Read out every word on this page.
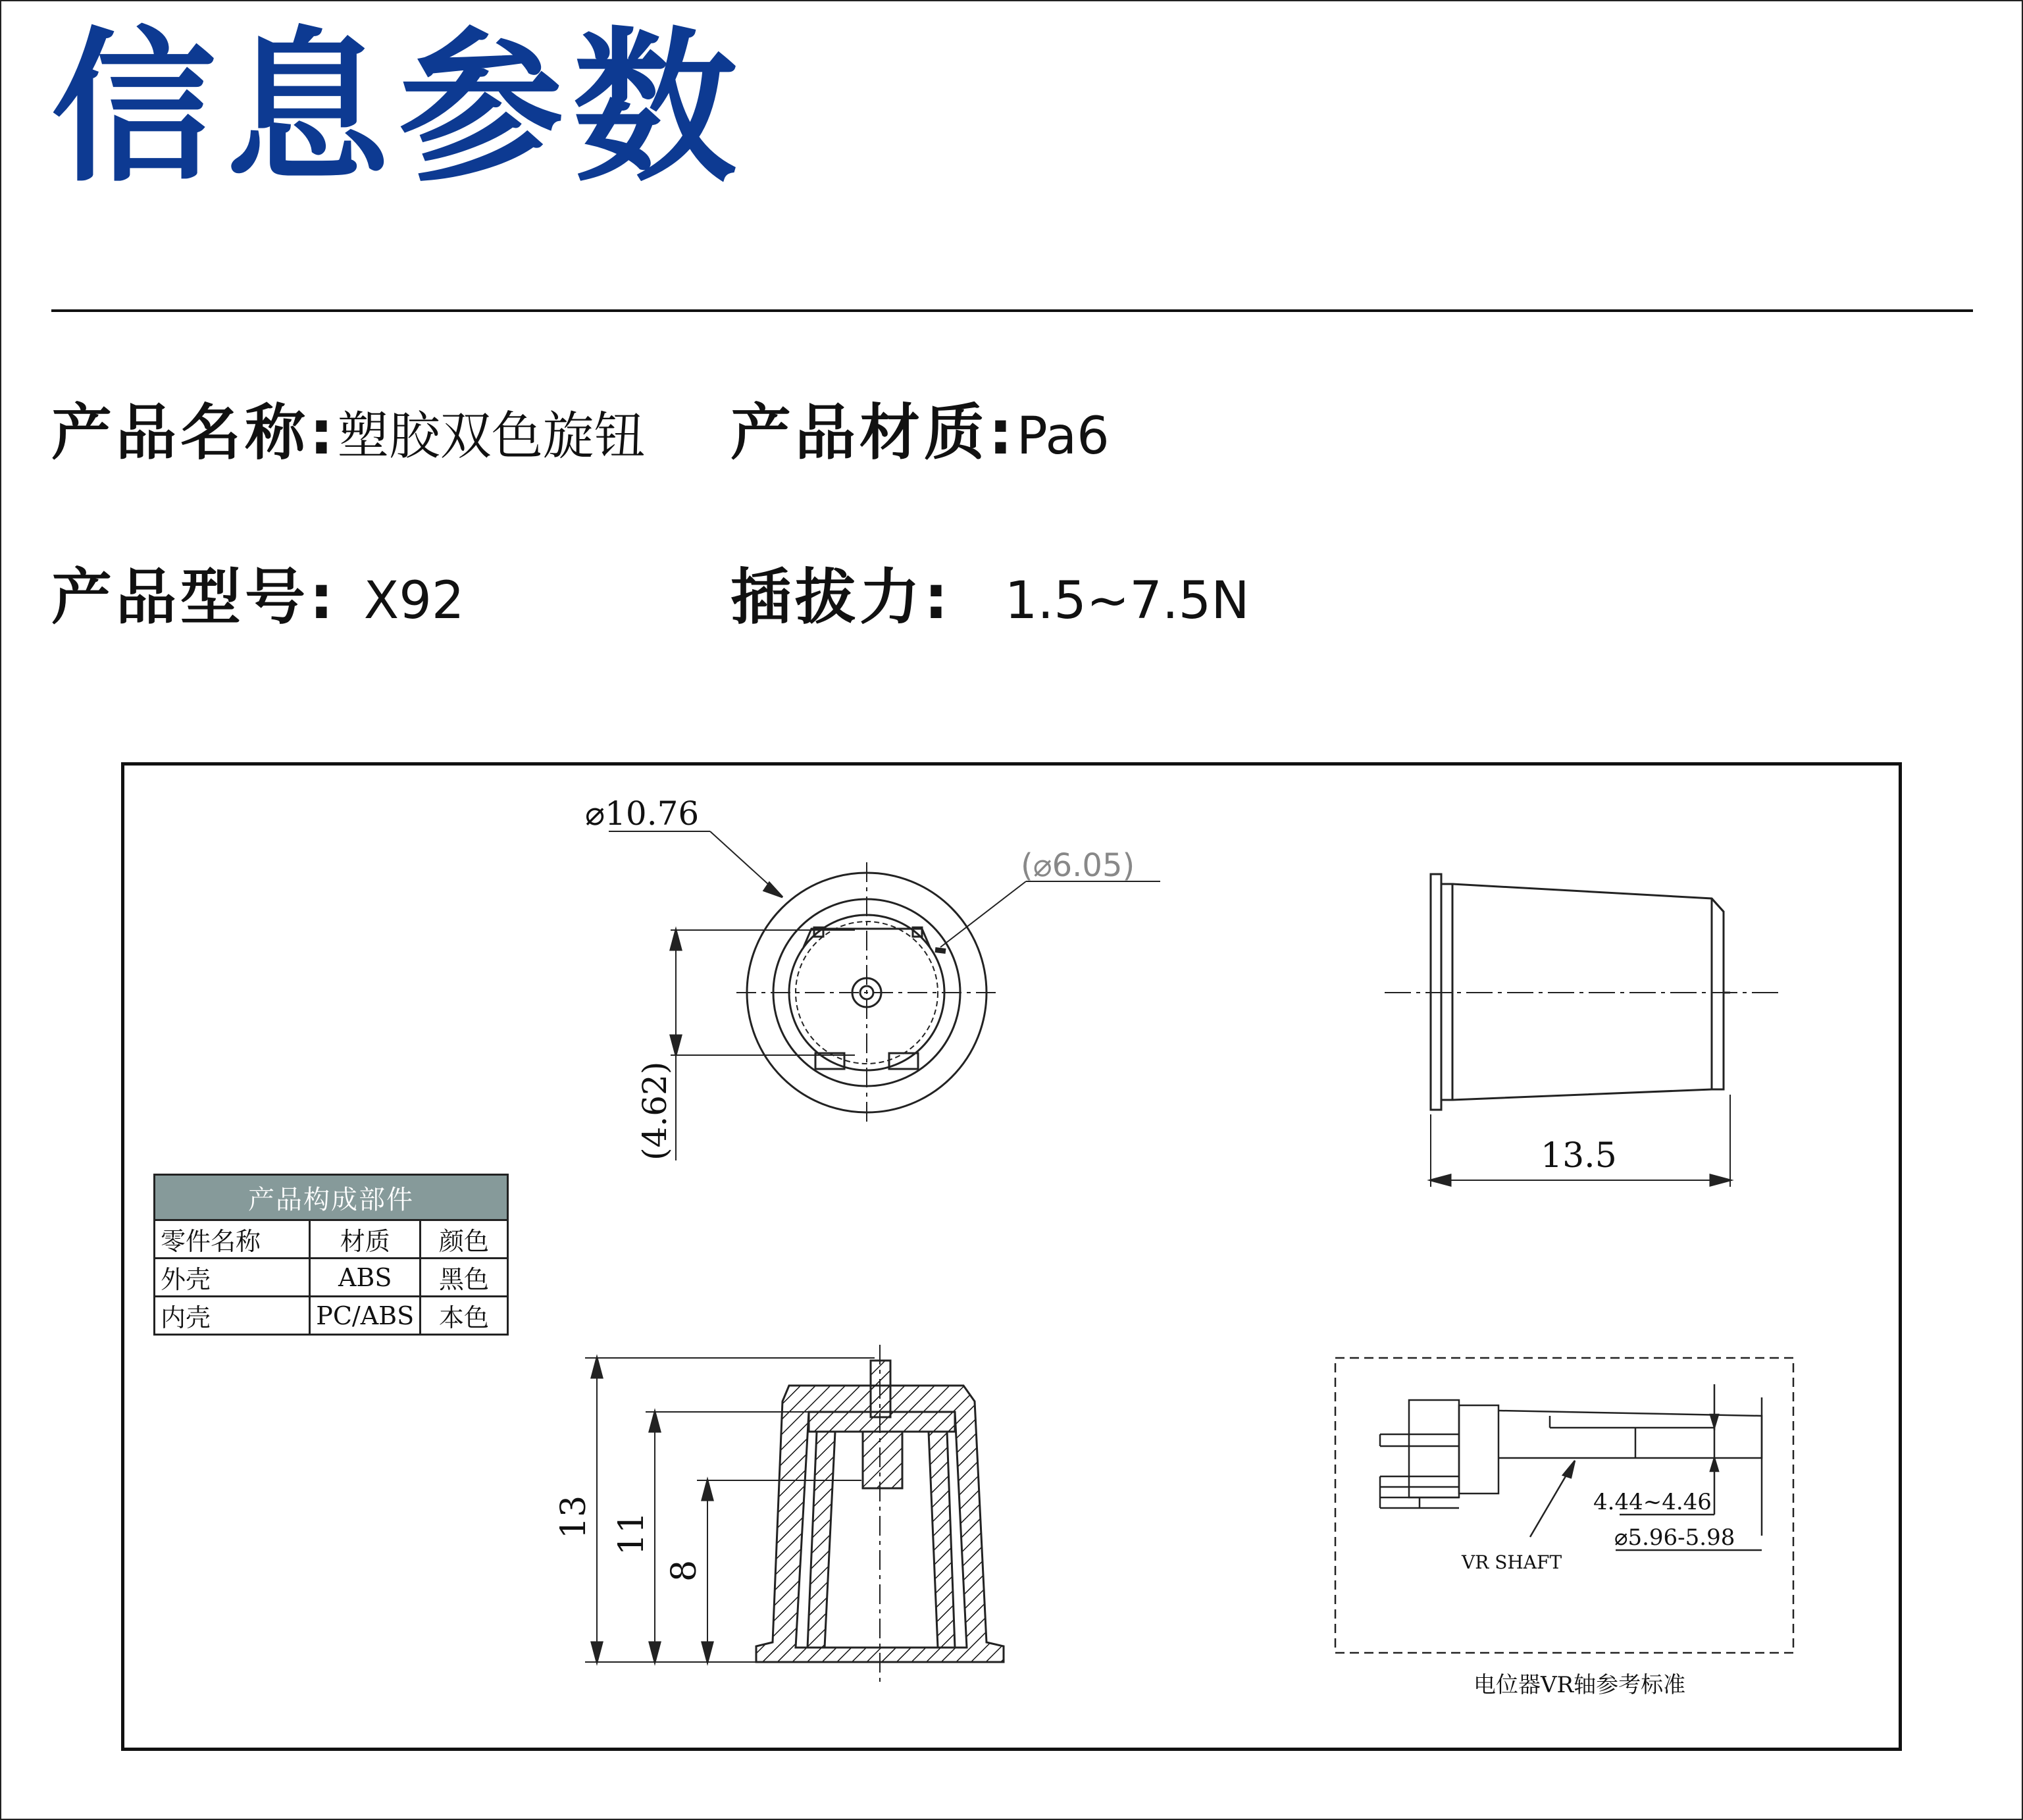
信息参数
产品名称:塑胶双色旋钮 产品材质:Pa6
产品型号: X92	插拔力: 1.5~7.5N
⌀10.76
(⌀6.05)
(4.62)	13.5
13 11
8
4.44~4.46
⌀5.96-5.98
VR SHAFT
电位器VR轴参考标准
产品构成部件		
零件名称	材质	颜色
外壳	ABS	黑色
内壳	PC/ABS	本色
